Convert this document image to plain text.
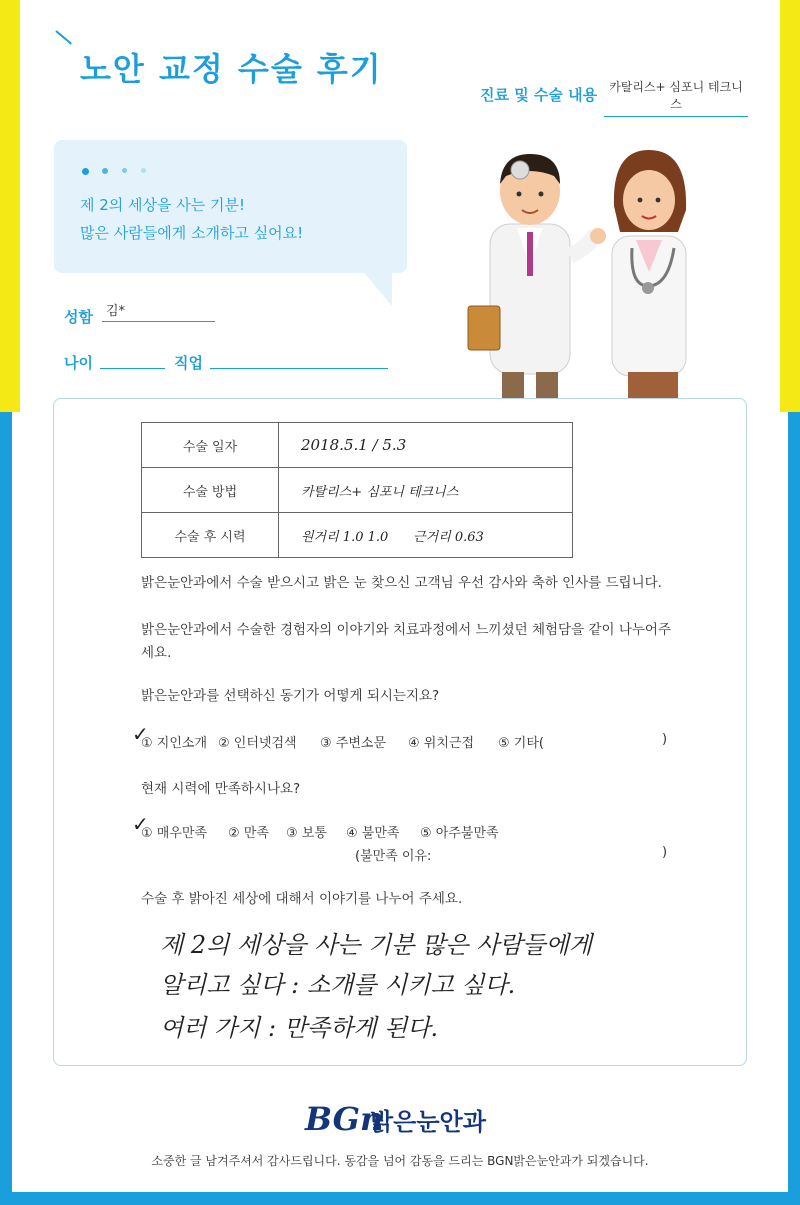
노안 교정 수술 후기
진료 및 수술 내용	카탈리스+ 심포니 테크니스
제 2의 세상을 사는 기분!
많은 사람들에게 소개하고 싶어요!
성함	김*
나이	직업
수술 일자	2018.5.1 / 5.3
수술 방법	카탈리스+ 심포니 테크니스
수술 후 시력	원거리 1.0 1.0      근거리 0.63
밝은눈안과에서 수술 받으시고 밝은 눈 찾으신 고객님 우선 감사와 축하 인사를 드립니다.
밝은눈안과에서 수술한 경험자의 이야기와 치료과정에서 느끼셨던 체험담을 같이 나누어주세요.
밝은눈안과를 선택하신 동기가 어떻게 되시는지요?
✓
① 지인소개 ② 인터넷검색 ③ 주변소문 ④ 위치근접 ⑤ 기타(	)
현재 시력에 만족하시나요?
✓
① 매우만족 ② 만족 ③ 보통 ④ 불만족 ⑤ 아주불만족
(불만족 이유:	)
수술 후 밝아진 세상에 대해서 이야기를 나누어 주세요.
제 2의 세상을 사는 기분 많은 사람들에게
알리고 싶다 : 소개를 시키고 싶다.
여러 가지 : 만족하게 된다.
BGn
밝은눈안과
소중한 글 남겨주셔서 감사드립니다. 동감을 넘어 감동을 드리는 BGN밝은눈안과가 되겠습니다.
